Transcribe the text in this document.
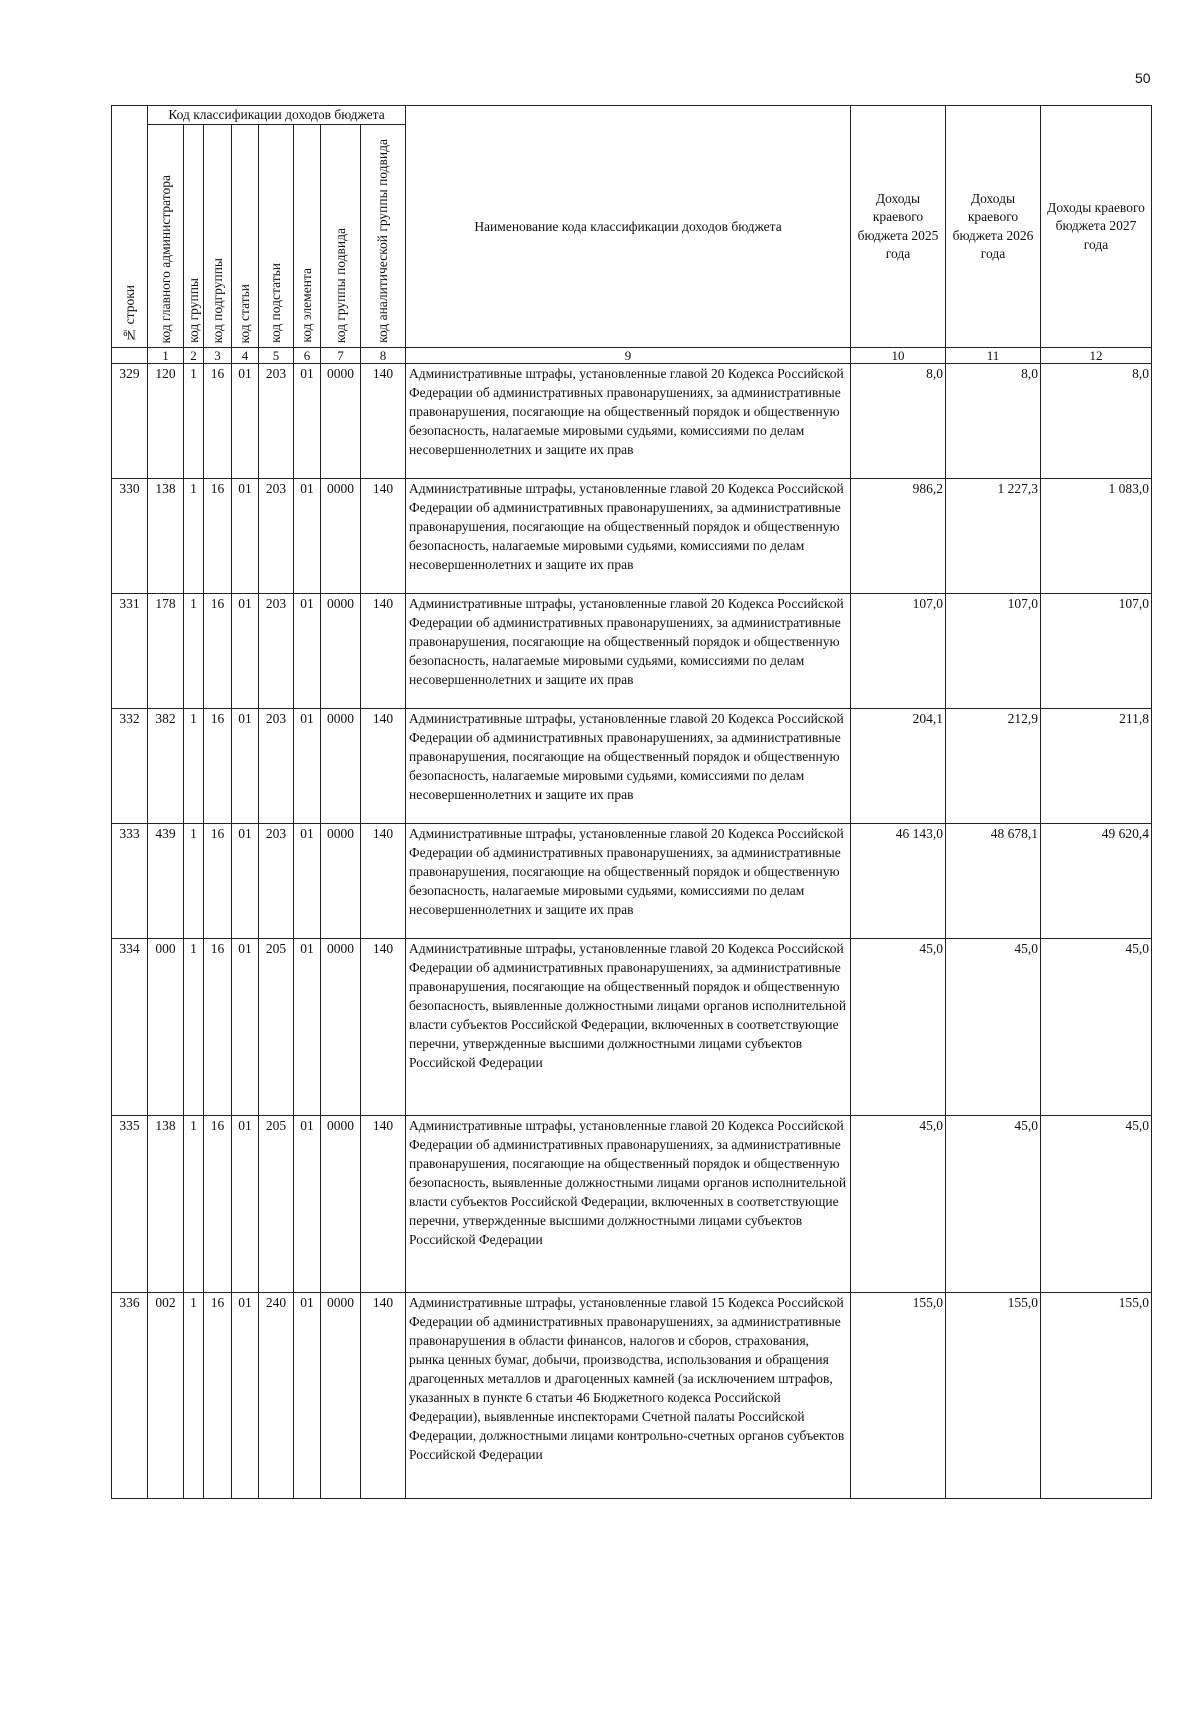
50
№ строки	Код классификации доходов бюджета								Наименование кода классификации доходов бюджета	Доходы краевого бюджета 2025 года	Доходы краевого бюджета 2026 года	Доходы краевого бюджета 2027 года

	код главного администратора	код группы	код подгруппы	код статьи	код подстатьи	код элемента	код группы подвида	код аналитической группы подвида				

	1	2	3	4	5	6	7	8	9	10	11	12
329	120	1	16	01	203	01	0000	140	Административные штрафы, установленные главой 20 Кодекса Российской Федерации об административных правонарушениях, за административные правонарушения, посягающие на общественный порядок и общественную безопасность, налагаемые мировыми судьями, комиссиями по делам несовершеннолетних и защите их прав	8,0	8,0	8,0
330	138	1	16	01	203	01	0000	140	Административные штрафы, установленные главой 20 Кодекса Российской Федерации об административных правонарушениях, за административные правонарушения, посягающие на общественный порядок и общественную безопасность, налагаемые мировыми судьями, комиссиями по делам несовершеннолетних и защите их прав	986,2	1 227,3	1 083,0
331	178	1	16	01	203	01	0000	140	Административные штрафы, установленные главой 20 Кодекса Российской Федерации об административных правонарушениях, за административные правонарушения, посягающие на общественный порядок и общественную безопасность, налагаемые мировыми судьями, комиссиями по делам несовершеннолетних и защите их прав	107,0	107,0	107,0
332	382	1	16	01	203	01	0000	140	Административные штрафы, установленные главой 20 Кодекса Российской Федерации об административных правонарушениях, за административные правонарушения, посягающие на общественный порядок и общественную безопасность, налагаемые мировыми судьями, комиссиями по делам несовершеннолетних и защите их прав	204,1	212,9	211,8
333	439	1	16	01	203	01	0000	140	Административные штрафы, установленные главой 20 Кодекса Российской Федерации об административных правонарушениях, за административные правонарушения, посягающие на общественный порядок и общественную безопасность, налагаемые мировыми судьями, комиссиями по делам несовершеннолетних и защите их прав	46 143,0	48 678,1	49 620,4
334	000	1	16	01	205	01	0000	140	Административные штрафы, установленные главой 20 Кодекса Российской Федерации об административных правонарушениях, за административные правонарушения, посягающие на общественный порядок и общественную безопасность, выявленные должностными лицами органов исполнительной власти субъектов Российской Федерации, включенных в соответствующие перечни, утвержденные высшими должностными лицами субъектов Российской Федерации	45,0	45,0	45,0
335	138	1	16	01	205	01	0000	140	Административные штрафы, установленные главой 20 Кодекса Российской Федерации об административных правонарушениях, за административные правонарушения, посягающие на общественный порядок и общественную безопасность, выявленные должностными лицами органов исполнительной власти субъектов Российской Федерации, включенных в соответствующие перечни, утвержденные высшими должностными лицами субъектов Российской Федерации	45,0	45,0	45,0
336	002	1	16	01	240	01	0000	140	Административные штрафы, установленные главой 15 Кодекса Российской Федерации об административных правонарушениях, за административные правонарушения в области финансов, налогов и сборов, страхования, рынка ценных бумаг, добычи, производства, использования и обращения драгоценных металлов и драгоценных камней (за исключением штрафов, указанных в пункте 6 статьи 46 Бюджетного кодекса Российской Федерации), выявленные инспекторами Счетной палаты Российской Федерации, должностными лицами контрольно-счетных органов субъектов Российской Федерации	155,0	155,0	155,0
